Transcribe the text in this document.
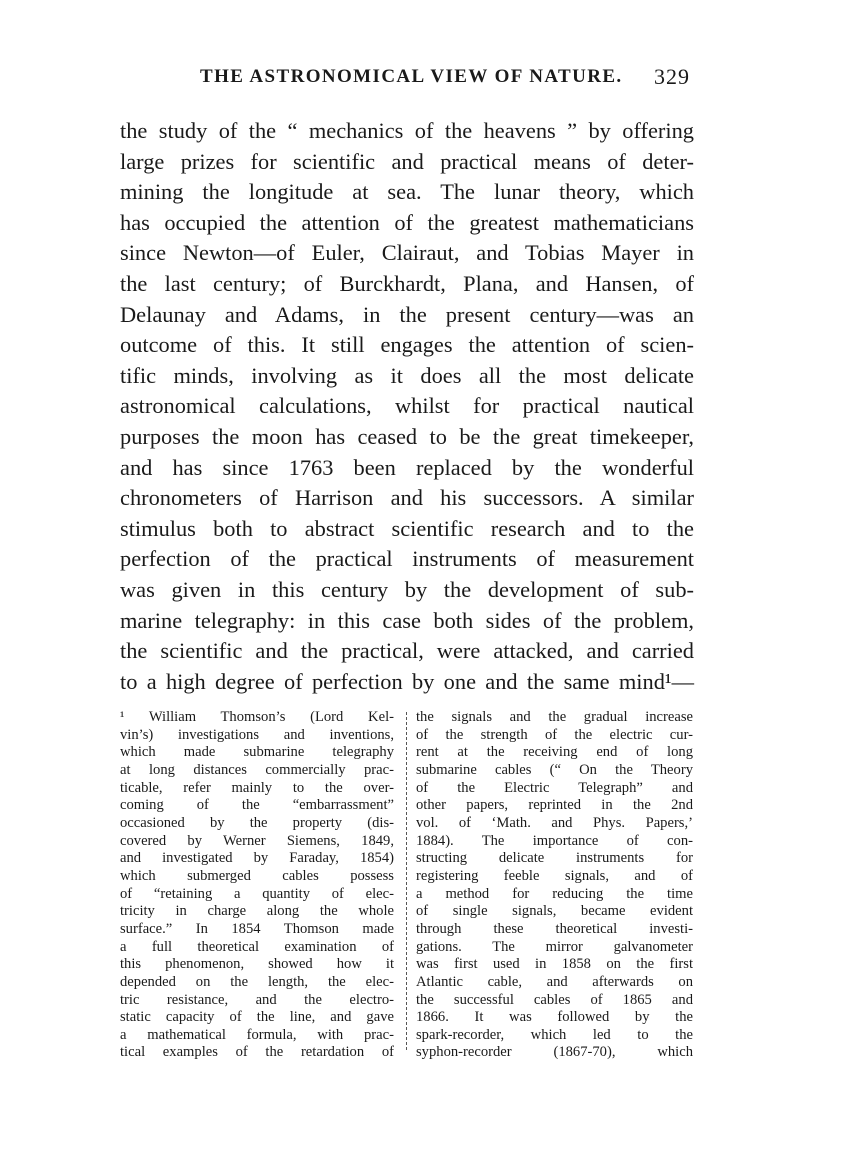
THE ASTRONOMICAL VIEW OF NATURE. 329
the study of the “ mechanics of the heavens ” by offering
large prizes for scientific and practical means of deter-
mining the longitude at sea. The lunar theory, which
has occupied the attention of the greatest mathematicians
since Newton—of Euler, Clairaut, and Tobias Mayer in
the last century; of Burckhardt, Plana, and Hansen, of
Delaunay and Adams, in the present century—was an
outcome of this. It still engages the attention of scien-
tific minds, involving as it does all the most delicate
astronomical calculations, whilst for practical nautical
purposes the moon has ceased to be the great timekeeper,
and has since 1763 been replaced by the wonderful
chronometers of Harrison and his successors. A similar
stimulus both to abstract scientific research and to the
perfection of the practical instruments of measurement
was given in this century by the development of sub-
marine telegraphy: in this case both sides of the problem,
the scientific and the practical, were attacked, and carried
to a high degree of perfection by one and the same mind¹—
¹ William Thomson’s (Lord Kel-
vin’s) investigations and inventions,
which made submarine telegraphy
at long distances commercially prac-
ticable, refer mainly to the over-
coming of the “embarrassment”
occasioned by the property (dis-
covered by Werner Siemens, 1849,
and investigated by Faraday, 1854)
which submerged cables possess
of “retaining a quantity of elec-
tricity in charge along the whole
surface.” In 1854 Thomson made
a full theoretical examination of
this phenomenon, showed how it
depended on the length, the elec-
tric resistance, and the electro-
static capacity of the line, and gave
a mathematical formula, with prac-
tical examples of the retardation of
the signals and the gradual increase
of the strength of the electric cur-
rent at the receiving end of long
submarine cables (“ On the Theory
of the Electric Telegraph” and
other papers, reprinted in the 2nd
vol. of ‘Math. and Phys. Papers,’
1884). The importance of con-
structing delicate instruments for
registering feeble signals, and of
a method for reducing the time
of single signals, became evident
through these theoretical investi-
gations. The mirror galvanometer
was first used in 1858 on the first
Atlantic cable, and afterwards on
the successful cables of 1865 and
1866. It was followed by the
spark-recorder, which led to the
syphon-recorder (1867-70), which
